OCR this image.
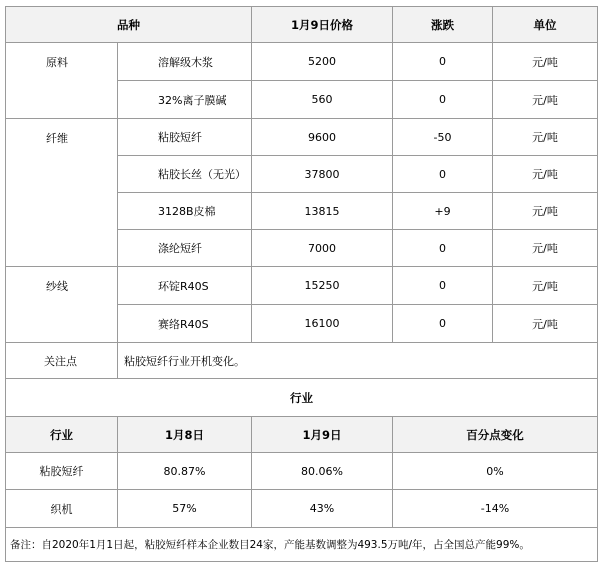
品种		1月9日价格	涨跌	单位
原料	溶解级木浆	5200	0	元/吨
	32%离子膜碱	560	0	元/吨
纤维	粘胶短纤	9600	-50	元/吨
	粘胶长丝（无光）	37800	0	元/吨
	3128B皮棉	13815	+9	元/吨
	涤纶短纤	7000	0	元/吨
纱线	环锭R40S	15250	0	元/吨
	赛络R40S	16100	0	元/吨
关注点	粘胶短纤行业开机变化。			
行业				
行业	1月8日	1月9日	百分点变化	
粘胶短纤	80.87%	80.06%	0%	
织机	57%	43%	-14%	
备注：自2020年1月1日起，粘胶短纤样本企业数目24家，产能基数调整为493.5万吨/年，占全国总产能99%。				
